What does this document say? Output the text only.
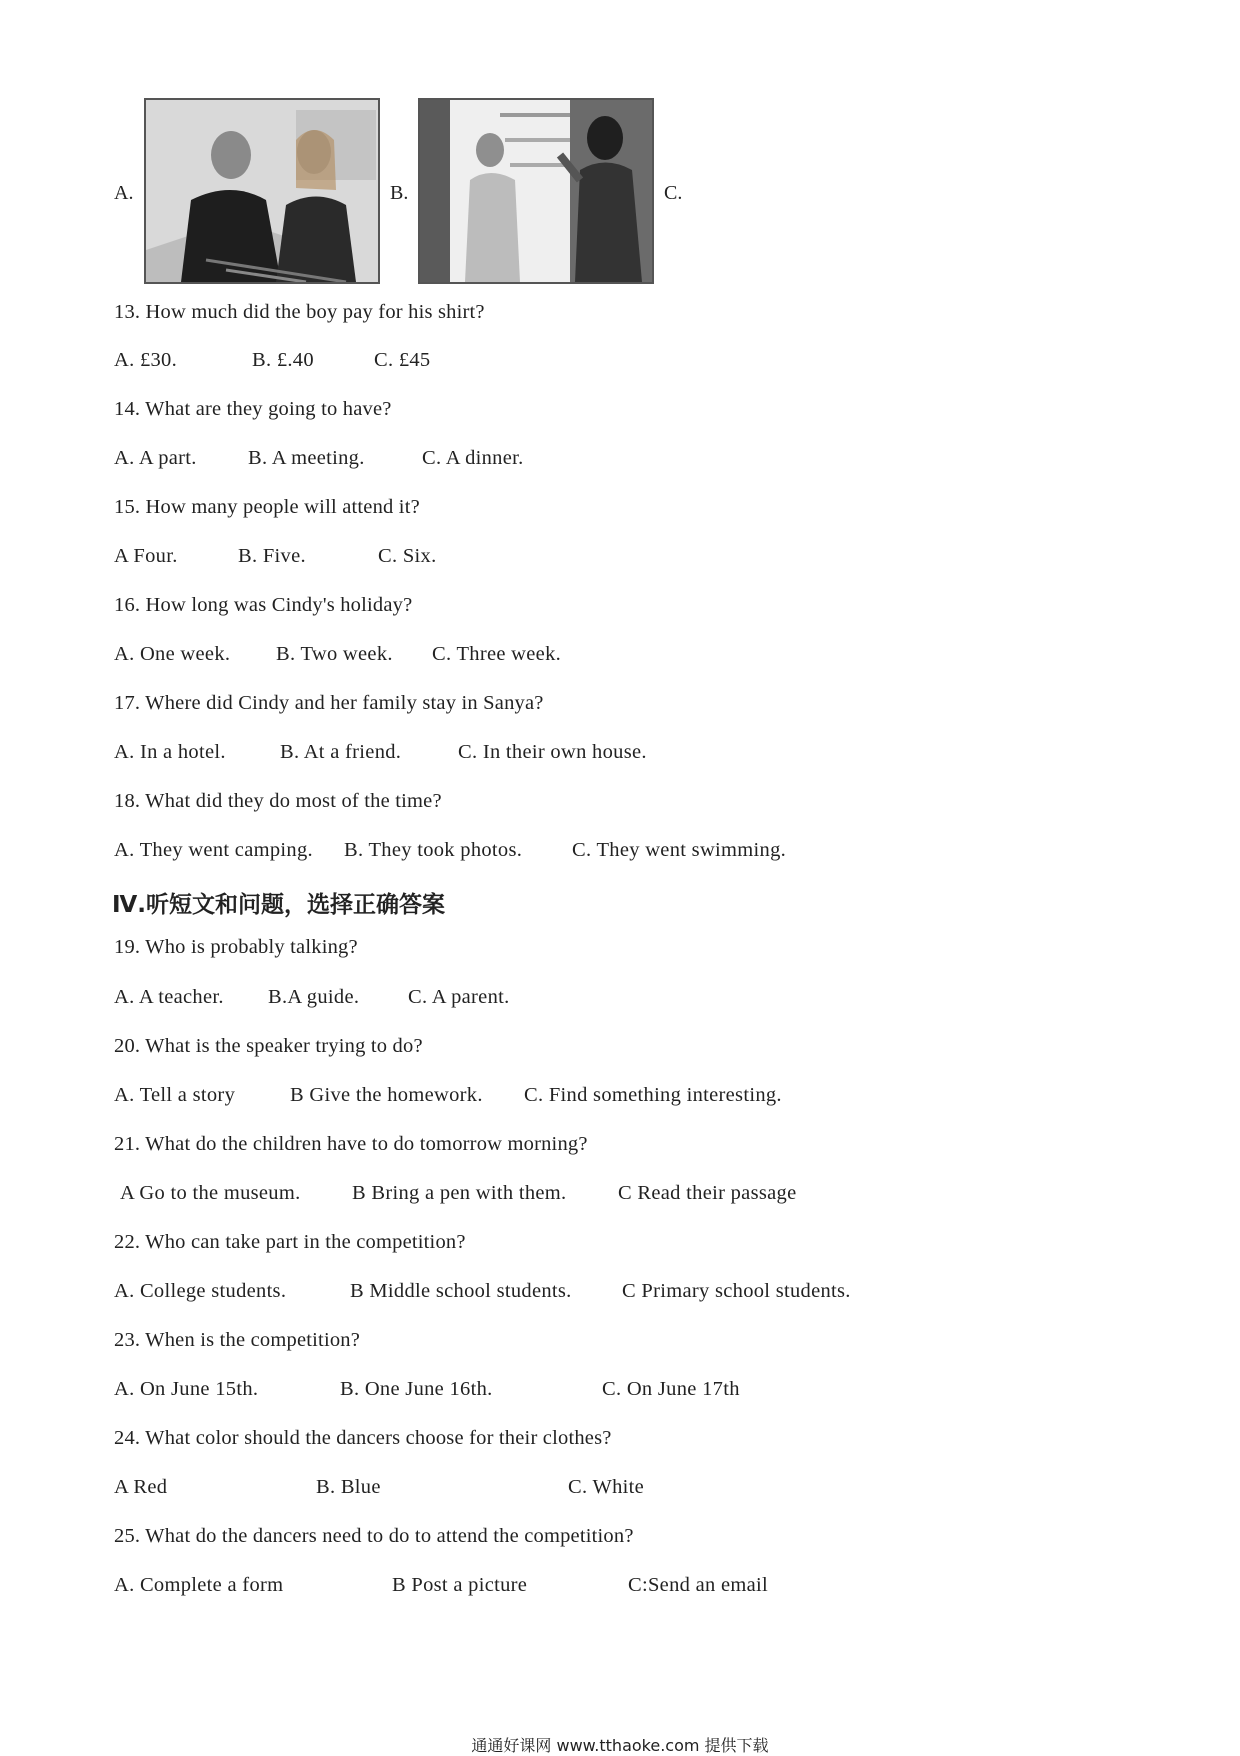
A.	B.	C.
13. How much did the boy pay for his shirt?
A. £30.	B. £.40	C. £45
14. What are they going to have?
A. A part.	B. A meeting.	C. A dinner.
15. How many people will attend it?
A Four.	B. Five.	C. Six.
16. How long was Cindy's holiday?
A. One week. B. Two week. C. Three week.
17. Where did Cindy and her family stay in Sanya?
A. In a hotel.	B. At a friend.	C. In their own house.
18. What did they do most of the time?
A. They went camping. B. They took photos. C. They went swimming.
Ⅳ.听短文和问题，选择正确答案
19. Who is probably talking?
A. A teacher. B.A guide. C. A parent.
20. What is the speaker trying to do?
A. Tell a story	B Give the homework. C. Find something interesting.
21. What do the children have to do tomorrow morning?
A Go to the museum.	B Bring a pen with them.	C Read their passage
22. Who can take part in the competition?
A. College students.	B Middle school students. C Primary school students.
23. When is the competition?
A. On June 15th.	B. One June 16th.	C. On June 17th
24. What color should the dancers choose for their clothes?
A Red	B. Blue	C. White
25. What do the dancers need to do to attend the competition?
A. Complete a form	B Post a picture	C:Send an email
通通好课网 www.tthaoke.com 提供下载
